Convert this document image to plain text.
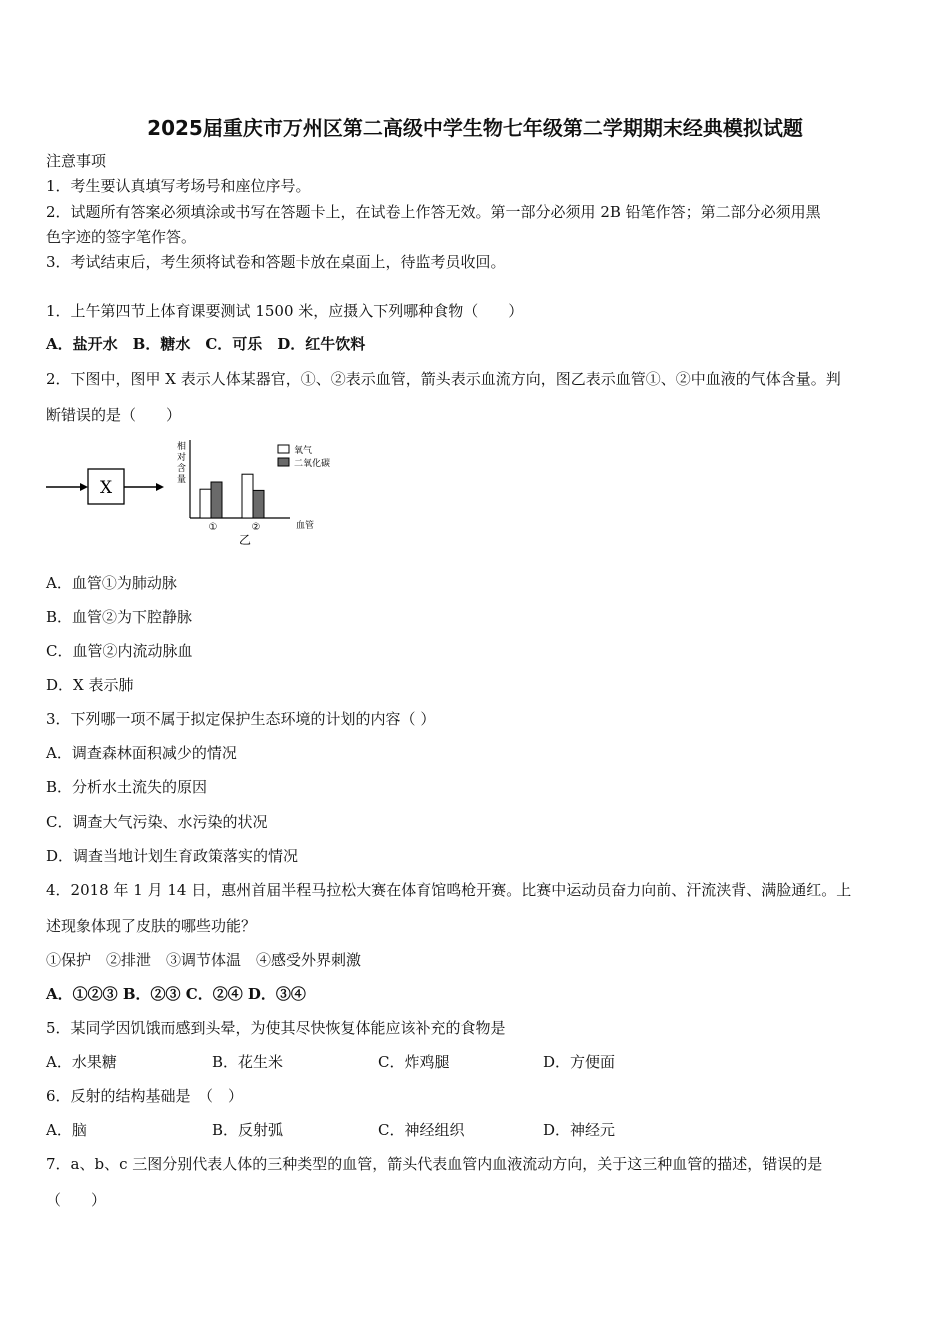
2025届重庆市万州区第二高级中学生物七年级第二学期期末经典模拟试题
注意事项
1．考生要认真填写考场号和座位序号。
2．试题所有答案必须填涂或书写在答题卡上，在试卷上作答无效。第一部分必须用 2B 铅笔作答；第二部分必须用黑
色字迹的签字笔作答。
3．考试结束后，考生须将试卷和答题卡放在桌面上，待监考员收回。
1．上午第四节上体育课要测试 1500 米，应摄入下列哪种食物（　　）
A．盐开水　B．糖水　C．可乐　D．红牛饮料
2．下图中，图甲 X 表示人体某器官，①、②表示血管，箭头表示血流方向，图乙表示血管①、②中血液的气体含量。判
断错误的是（　　）
X
相
对
含
量
①	②	血管
乙
氧气
二氧化碳
A．血管①为肺动脉
B．血管②为下腔静脉
C．血管②内流动脉血
D．X 表示肺
3．下列哪一项不属于拟定保护生态环境的计划的内容（ ）
A．调查森林面积减少的情况
B．分析水土流失的原因
C．调查大气污染、水污染的状况
D．调查当地计划生育政策落实的情况
4．2018 年 1 月 14 日，惠州首届半程马拉松大赛在体育馆鸣枪开赛。比赛中运动员奋力向前、汗流浃背、满脸通红。上
述现象体现了皮肤的哪些功能？
①保护　②排泄　③调节体温　④感受外界刺激
A．①②③ B．②③ C．②④ D．③④
5．某同学因饥饿而感到头晕，为使其尽快恢复体能应该补充的食物是
A．水果糖	B．花生米	C．炸鸡腿	D．方便面
6．反射的结构基础是　（　）
A．脑	B．反射弧	C．神经组织	D．神经元
7．a、b、c 三图分别代表人体的三种类型的血管，箭头代表血管内血液流动方向，关于这三种血管的描述，错误的是
（　　）
